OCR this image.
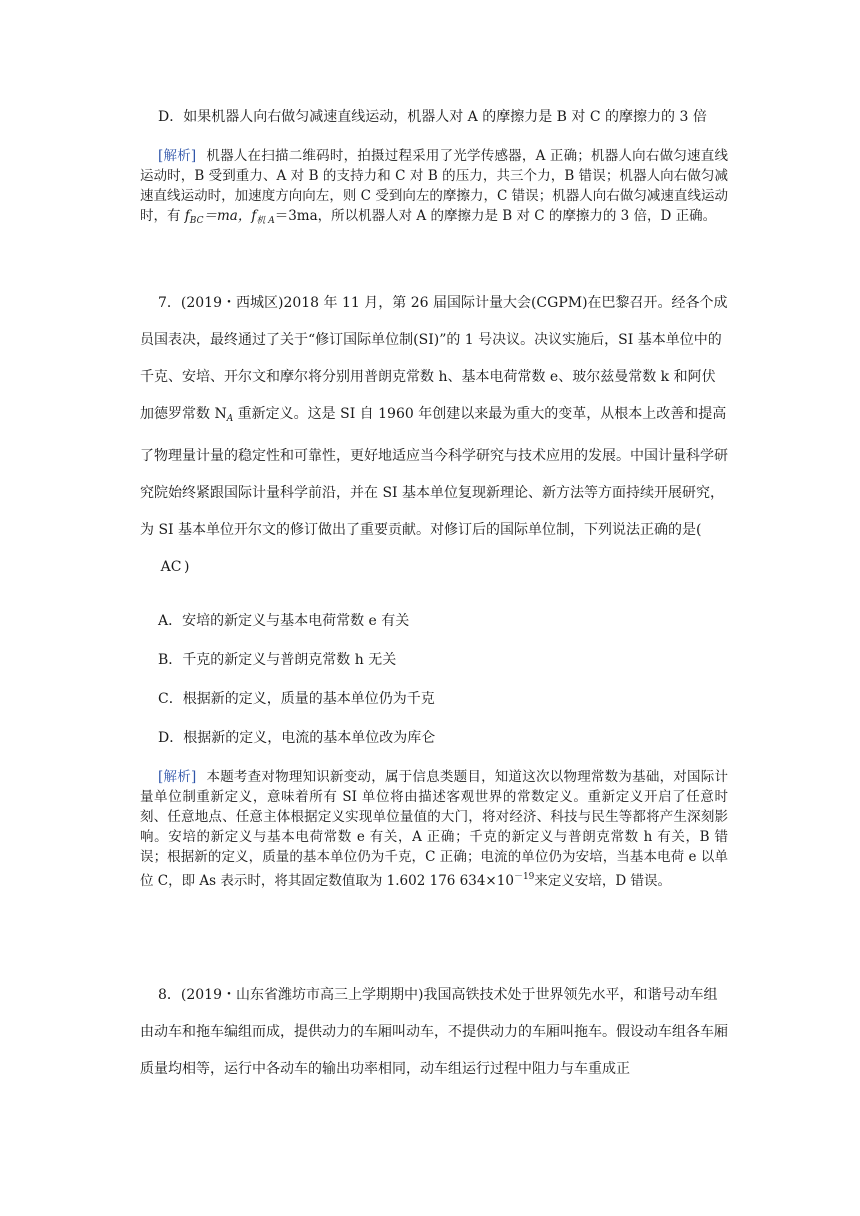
D．如果机器人向右做匀减速直线运动，机器人对 A 的摩擦力是 B 对 C 的摩擦力的 3 倍

[解析] 机器人在扫描二维码时，拍摄过程采用了光学传感器，A 正确；机器人向右做匀速直线运动时，B 受到重力、A 对 B 的支持力和 C 对 B 的压力，共三个力，B 错误；机器人向右做匀减速直线运动时，加速度方向向左，则 C 受到向左的摩擦力，C 错误；机器人向右做匀减速直线运动时，有 $f_{BC}=ma$，$f_{机 A}=3ma$，所以机器人对 A 的摩擦力是 B 对 C 的摩擦力的 3 倍，D 正确。
7．(2019・西城区)2018 年 11 月，第 26 届国际计量大会(CGPM)在巴黎召开。经各个成员国表决，最终通过了关于“修订国际单位制(SI)”的 1 号决议。决议实施后，SI 基本单位中的千克、安培、开尔文和摩尔将分别用普朗克常数 h、基本电荷常数 e、玻尔兹曼常数 k 和阿伏加德罗常数 $N_A$ 重新定义。这是 SI 自 1960 年创建以来最为重大的变革，从根本上改善和提高了物理量计量的稳定性和可靠性，更好地适应当今科学研究与技术应用的发展。中国计量科学研究院始终紧跟国际计量科学前沿，并在 SI 基本单位复现新理论、新方法等方面持续开展研究，为 SI 基本单位开尔文的修订做出了重要贡献。对修订后的国际单位制，下列说法正确的是(AC )

A．安培的新定义与基本电荷常数 e 有关

B．千克的新定义与普朗克常数 h 无关

C．根据新的定义，质量的基本单位仍为千克

D．根据新的定义，电流的基本单位改为库仑

[解析] 本题考查对物理知识新变动，属于信息类题目，知道这次以物理常数为基础，对国际计量单位制重新定义，意味着所有 SI 单位将由描述客观世界的常数定义。重新定义开启了任意时刻、任意地点、任意主体根据定义实现单位量值的大门，将对经济、科技与民生等都将产生深刻影响。安培的新定义与基本电荷常数 e 有关，A 正确；千克的新定义与普朗克常数 h 有关，B 错误；根据新的定义，质量的基本单位仍为千克，C 正确；电流的单位仍为安培，当基本电荷 e 以单位 C，即 As 表示时，将其固定数值取为 1.602 176 $634\times 10^{-19}$来定义安培，D 错误。
8．(2019・山东省潍坊市高三上学期期中)我国高铁技术处于世界领先水平，和谐号动车组由动车和拖车编组而成，提供动力的车厢叫动车，不提供动力的车厢叫拖车。假设动车组各车厢质量均相等，运行中各动车的输出功率相同，动车组运行过程中阻力与车重成正
